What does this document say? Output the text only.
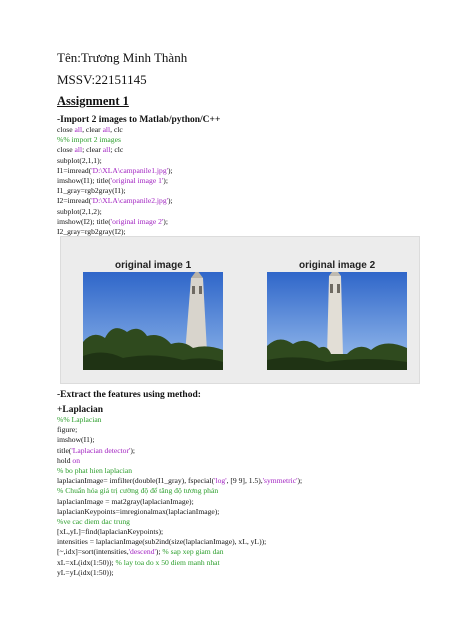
Tên:Trương Minh Thành
MSSV:22151145
Assignment 1
-Import 2 images to Matlab/python/C++
close all, clear all, clc
%% import 2 images
close all; clear all; clc
subplot(2,1,1);
I1=imread('D:\XLA\campanile1.jpg');
imshow(I1); title('original image 1');
I1_gray=rgb2gray(I1);
I2=imread('D:\XLA\campanile2.jpg');
subplot(2,1,2);
imshow(I2); title('original image 2');
I2_gray=rgb2gray(I2);
original image 1	original image 2
-Extract the features using method:
+Laplacian
%% Laplacian
figure;
imshow(I1);
title('Laplacian detector');
hold on
% bo phat hien laplacian
laplacianImage= imfilter(double(I1_gray), fspecial('log', [9 9], 1.5),'symmetric');
% Chuẩn hóa giá trị cường độ để tăng độ tương phản
laplacianImage = mat2gray(laplacianImage);
laplacianKeypoints=imregionalmax(laplacianImage);
%ve cac diem dac trung
[xL,yL]=find(laplacianKeypoints);
intensities = laplacianImage(sub2ind(size(laplacianImage), xL, yL));
[~,idx]=sort(intensities,'descend'); % sap xep giam dan
xL=xL(idx(1:50)); % lay toa do x 50 diem manh nhat
yL=yL(idx(1:50));
